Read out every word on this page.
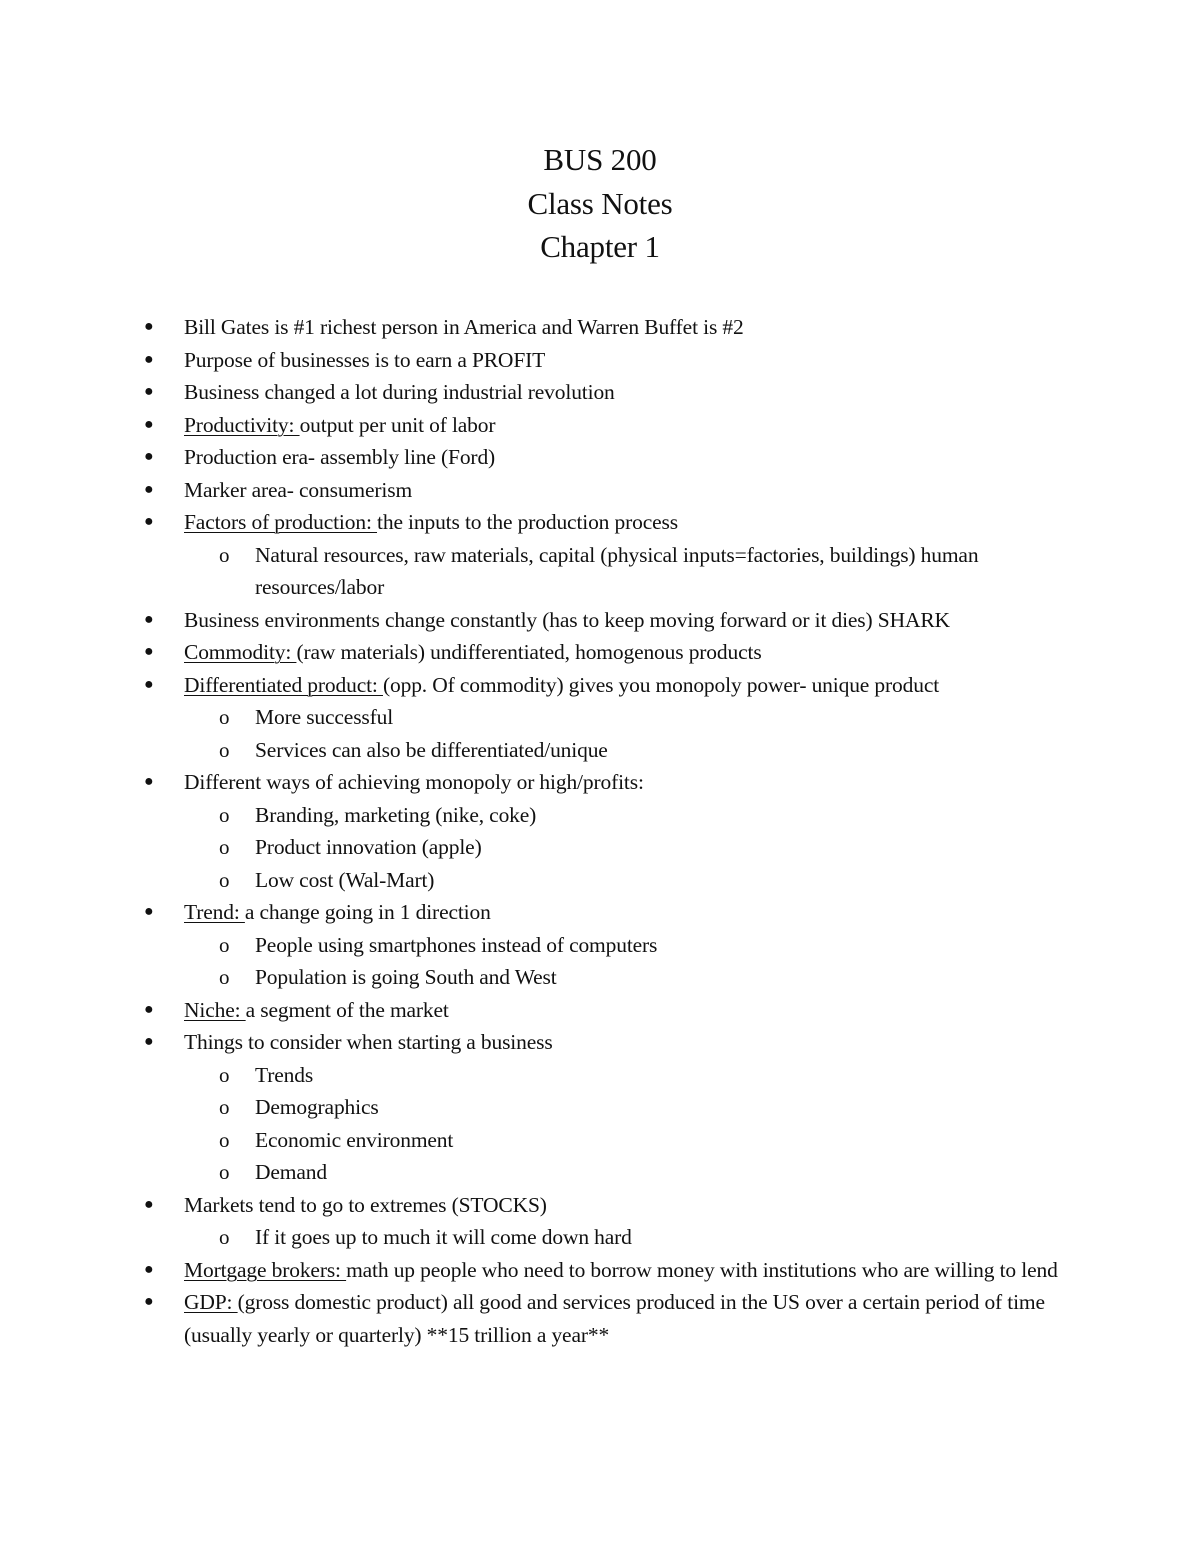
BUS 200
Class Notes
Chapter 1
● Bill Gates is #1 richest person in America and Warren Buffet is #2
● Purpose of businesses is to earn a PROFIT
● Business changed a lot during industrial revolution
● Productivity: output per unit of labor
● Production era- assembly line (Ford)
● Marker area- consumerism
● Factors of production: the inputs to the production process
o Natural resources, raw materials, capital (physical inputs=factories, buildings) human resources/labor
● Business environments change constantly (has to keep moving forward or it dies) SHARK
● Commodity: (raw materials) undifferentiated, homogenous products
● Differentiated product: (opp. Of commodity) gives you monopoly power- unique product
o More successful
o Services can also be differentiated/unique
● Different ways of achieving monopoly or high/profits:
o Branding, marketing (nike, coke)
o Product innovation (apple)
o Low cost (Wal-Mart)
● Trend: a change going in 1 direction
o People using smartphones instead of computers
o Population is going South and West
● Niche: a segment of the market
● Things to consider when starting a business
o Trends
o Demographics
o Economic environment
o Demand
● Markets tend to go to extremes (STOCKS)
o If it goes up to much it will come down hard
● Mortgage brokers: math up people who need to borrow money with institutions who are willing to lend
● GDP: (gross domestic product) all good and services produced in the US over a certain period of time (usually yearly or quarterly) **15 trillion a year**
